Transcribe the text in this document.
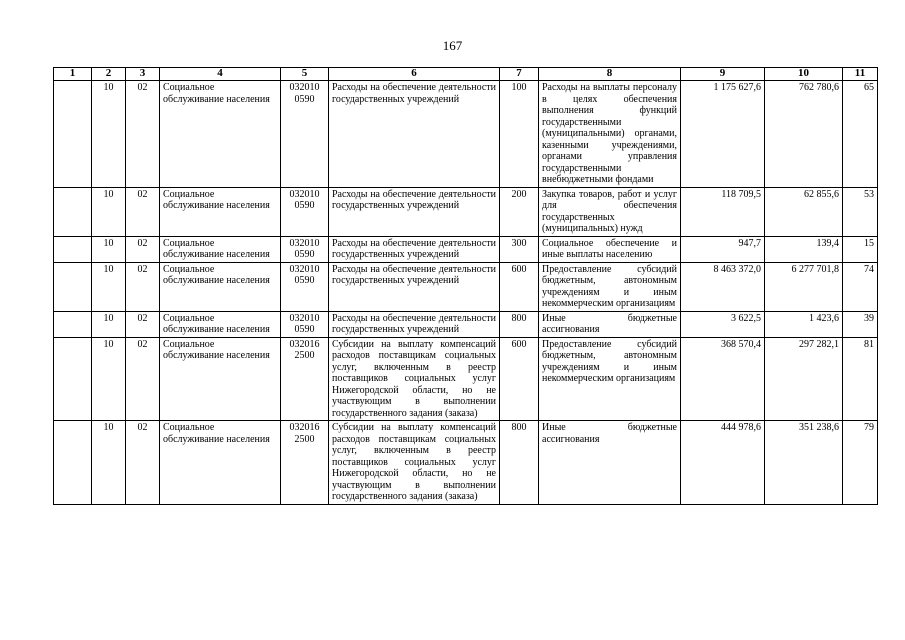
167
1	2	3	4	5	6	7	8	9	10	11
	10	02	Социальное обслуживание населения	032010 0590	Расходы на обеспечение деятельности государственных учреждений	100	Расходы на выплаты персоналу в целях обеспечения выполнения функций государственными (муниципальными) органами, казенными учреждениями, органами управления государственными внебюджетными фондами	1 175 627,6	762 780,6	65
	10	02	Социальное обслуживание населения	032010 0590	Расходы на обеспечение деятельности государственных учреждений	200	Закупка товаров, работ и услуг для обеспечения государственных (муниципальных) нужд	118 709,5	62 855,6	53
	10	02	Социальное обслуживание населения	032010 0590	Расходы на обеспечение деятельности государственных учреждений	300	Социальное обеспечение и иные выплаты населению	947,7	139,4	15
	10	02	Социальное обслуживание населения	032010 0590	Расходы на обеспечение деятельности государственных учреждений	600	Предоставление субсидий бюджетным, автономным учреждениям и иным некоммерческим организациям	8 463 372,0	6 277 701,8	74
	10	02	Социальное обслуживание населения	032010 0590	Расходы на обеспечение деятельности государственных учреждений	800	Иные бюджетные ассигнования	3 622,5	1 423,6	39
	10	02	Социальное обслуживание населения	032016 2500	Субсидии на выплату компенсаций расходов поставщикам социальных услуг, включенным в реестр поставщиков социальных услуг Нижегородской области, но не участвующим в выполнении государственного задания (заказа)	600	Предоставление субсидий бюджетным, автономным учреждениям и иным некоммерческим организациям	368 570,4	297 282,1	81
	10	02	Социальное обслуживание населения	032016 2500	Субсидии на выплату компенсаций расходов поставщикам социальных услуг, включенным в реестр поставщиков социальных услуг Нижегородской области, но не участвующим в выполнении государственного задания (заказа)	800	Иные бюджетные ассигнования	444 978,6	351 238,6	79
